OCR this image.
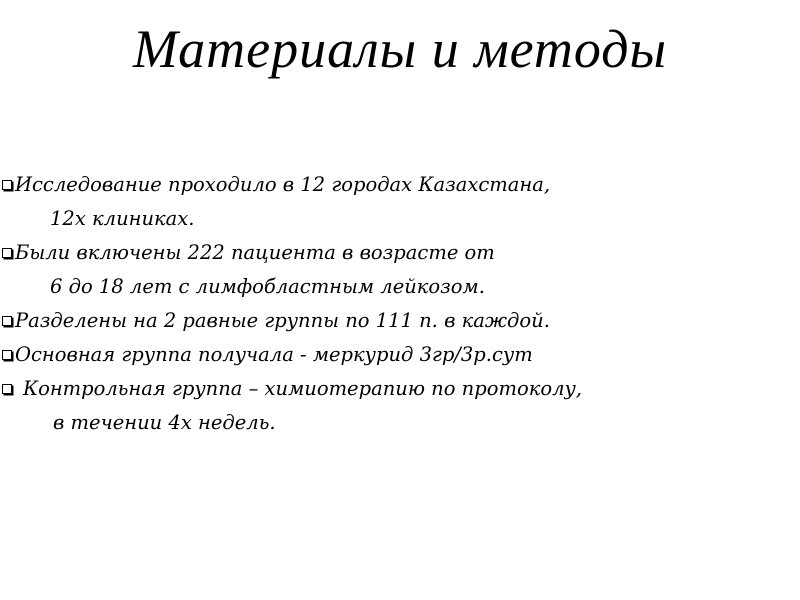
Материалы и методы
Исследование проходило в 12 городах Казахстана,
12х клиниках.
Были включены 222 пациента в возрасте от
6 до 18 лет с лимфобластным лейкозом.
Разделены на 2 равные группы по 111 п. в каждой.
Основная группа получала - меркурид 3гр/3р.сут
Контрольная группа – химиотерапию по протоколу,
в течении 4х недель.
